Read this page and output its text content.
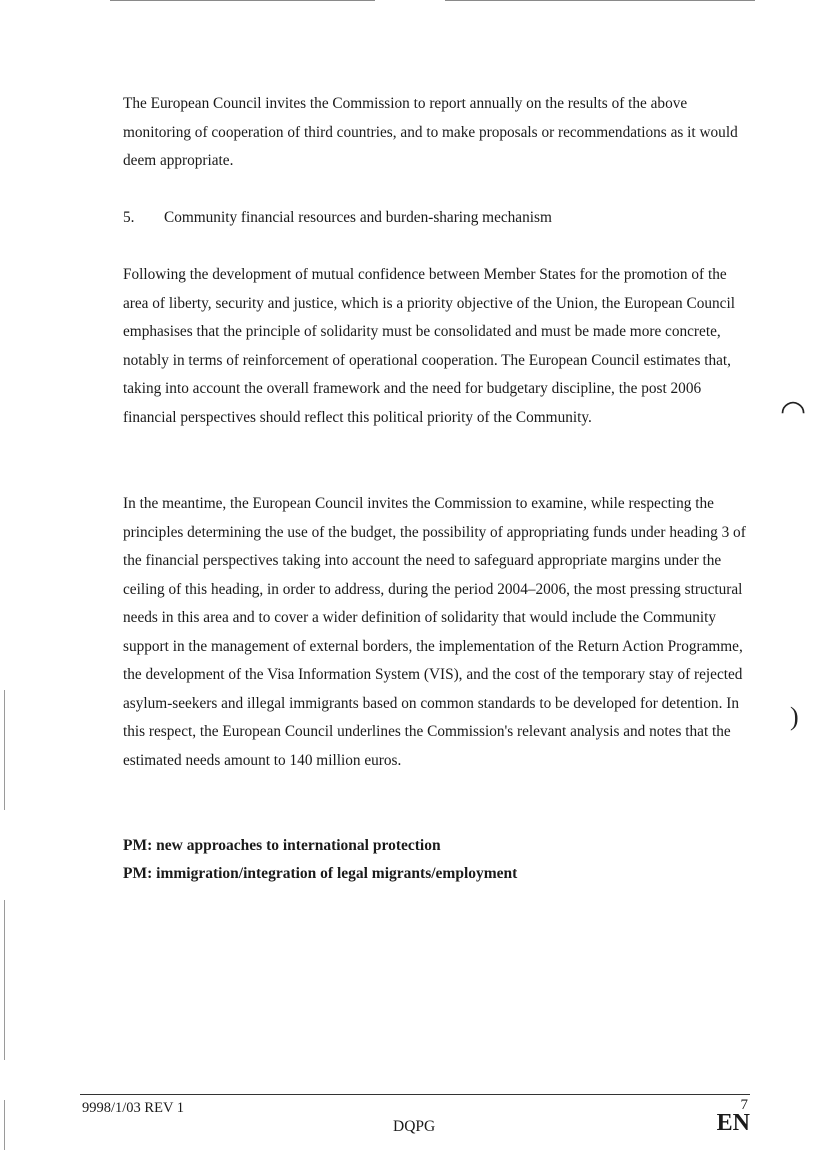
◠
)

The European Council invites the Commission to report annually on the results of the above monitoring of cooperation of third countries, and to make proposals or recommendations as it would deem appropriate.

5. Community financial resources and burden-sharing mechanism

Following the development of mutual confidence between Member States for the promotion of the area of liberty, security and justice, which is a priority objective of the Union, the European Council emphasises that the principle of solidarity must be consolidated and must be made more concrete, notably in terms of reinforcement of operational cooperation. The European Council estimates that, taking into account the overall framework and the need for budgetary discipline, the post 2006 financial perspectives should reflect this political priority of the Community.

In the meantime, the European Council invites the Commission to examine, while respecting the principles determining the use of the budget, the possibility of appropriating funds under heading 3 of the financial perspectives taking into account the need to safeguard appropriate margins under the ceiling of this heading, in order to address, during the period 2004–2006, the most pressing structural needs in this area and to cover a wider definition of solidarity that would include the Community support in the management of external borders, the implementation of the Return Action Programme, the development of the Visa Information System (VIS), and the cost of the temporary stay of rejected asylum-seekers and illegal immigrants based on common standards to be developed for detention. In this respect, the European Council underlines the Commission's relevant analysis and notes that the estimated needs amount to 140 million euros.

PM: new approaches to international protection
PM: immigration/integration of legal migrants/employment
9998/1/03 REV 1
DQPG
7
EN
